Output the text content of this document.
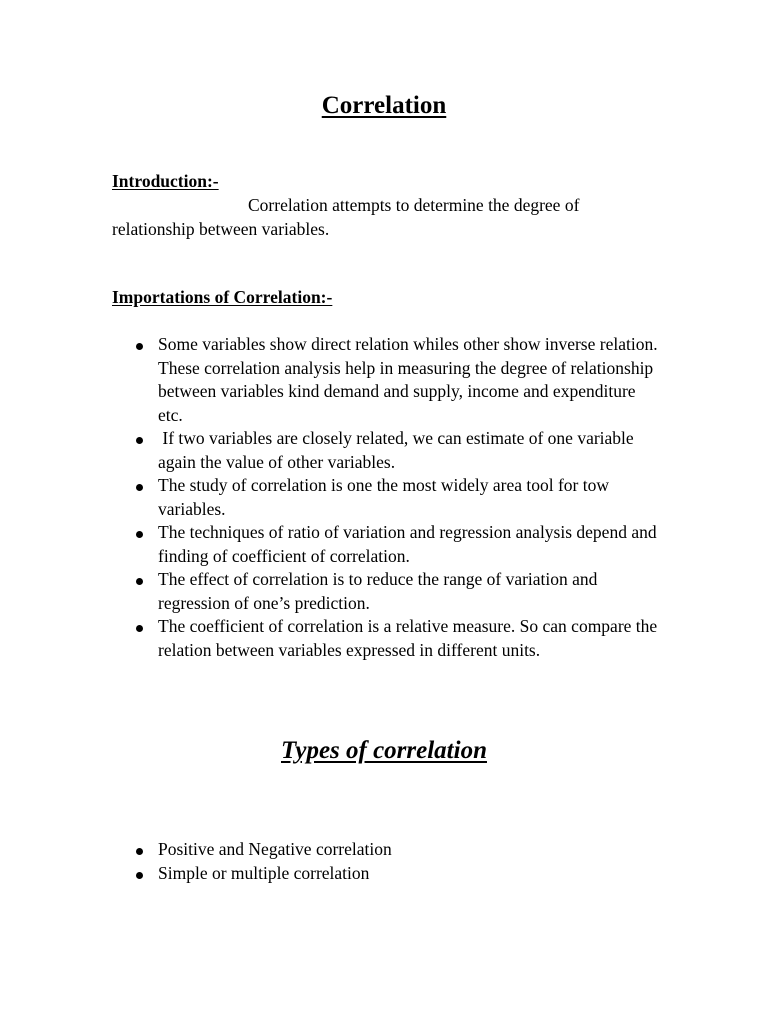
Correlation
Introduction:-

Correlation attempts to determine the degree of relationship between variables.

Importations of Correlation:-
Some variables show direct relation whiles other show inverse relation. These correlation analysis help in measuring the degree of relationship between variables kind demand and supply, income and expenditure etc.
If two variables are closely related, we can estimate of one variable again the value of other variables.
The study of correlation is one the most widely area tool for tow variables.
The techniques of ratio of variation and regression analysis depend and finding of coefficient of correlation.
The effect of correlation is to reduce the range of variation and regression of one’s prediction.
The coefficient of correlation is a relative measure. So can compare the relation between variables expressed in different units.
Types of correlation
Positive and Negative correlation
Simple or multiple correlation
